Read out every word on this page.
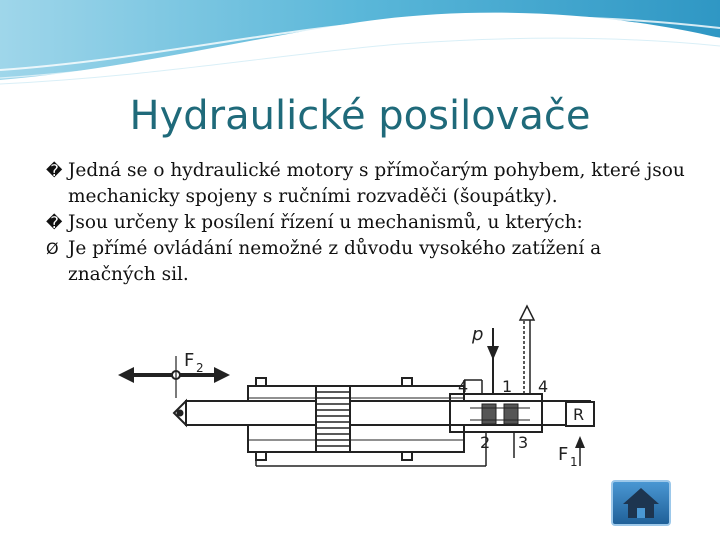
Hydraulické posilovače
� Jedná se o hydraulické motory s přímočarým pohybem, které jsou mechanicky spojeny s ručními rozvaděči (šoupátky).
� Jsou určeny k posílení řízení u mechanismů, u kterých:
Ø Je přímé ovládání nemožné z důvodu vysokého zatížení a značných sil.
F 2
R
p
4 1 4
2 3
F 1
